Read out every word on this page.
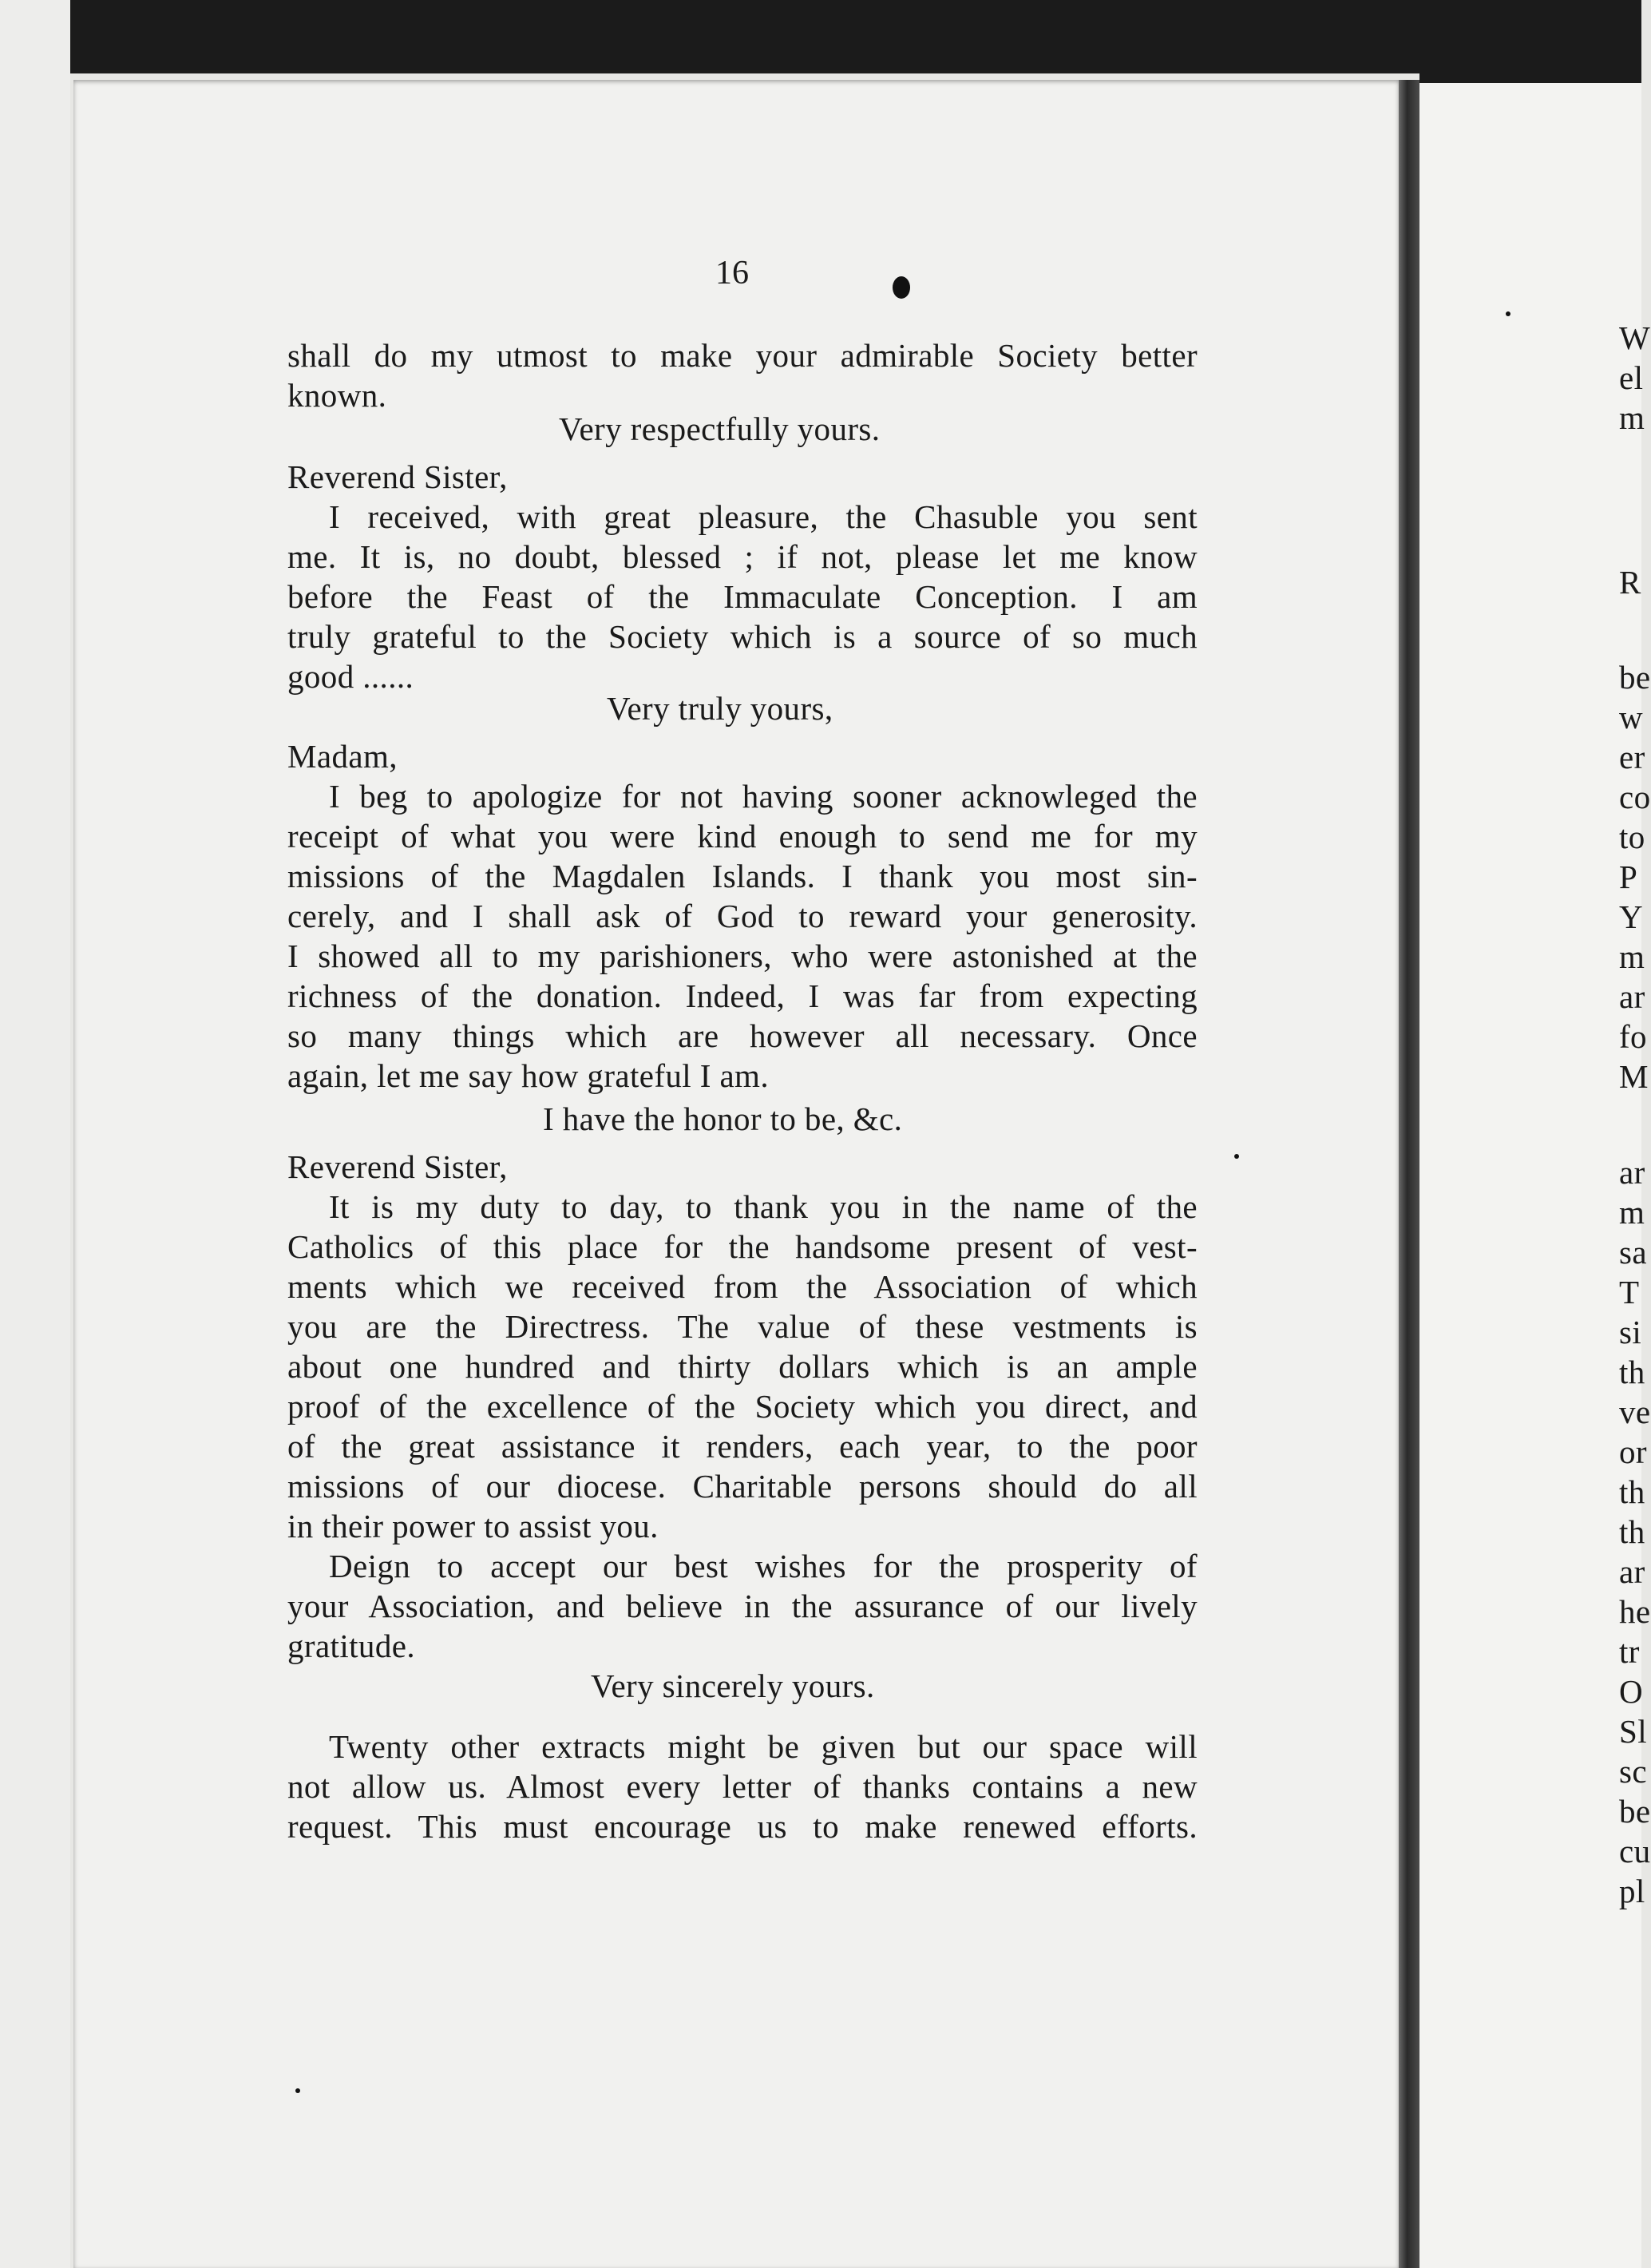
W
el
m
R
be
w
er
co
to
P
Y
m
ar
fo
M
ar
m
sa
T
si
th
ve
or
th
th
ar
he
tr
O
Sl
sc
be
cu
pl
16
shall do my utmost to make your admirable Society better
known.
Very respectfully yours.
Reverend Sister,
I received, with great pleasure, the Chasuble you sent
me. It is, no doubt, blessed ; if not, please let me know
before the Feast of the Immaculate Conception. I am
truly grateful to the Society which is a source of so much
good ......
Very truly yours,
Madam,
I beg to apologize for not having sooner acknowleged the
receipt of what you were kind enough to send me for my
missions of the Magdalen Islands. I thank you most sin-
cerely, and I shall ask of God to reward your generosity.
I showed all to my parishioners, who were astonished at the
richness of the donation. Indeed, I was far from expecting
so many things which are however all necessary. Once
again, let me say how grateful I am.
I have the honor to be, &c.
Reverend Sister,
It is my duty to day, to thank you in the name of the
Catholics of this place for the handsome present of vest-
ments which we received from the Association of which
you are the Directress. The value of these vestments is
about one hundred and thirty dollars which is an ample
proof of the excellence of the Society which you direct, and
of the great assistance it renders, each year, to the poor
missions of our diocese. Charitable persons should do all
in their power to assist you.
Deign to accept our best wishes for the prosperity of
your Association, and believe in the assurance of our lively
gratitude.
Very sincerely yours.
Twenty other extracts might be given but our space will
not allow us. Almost every letter of thanks contains a new
request. This must encourage us to make renewed efforts.
